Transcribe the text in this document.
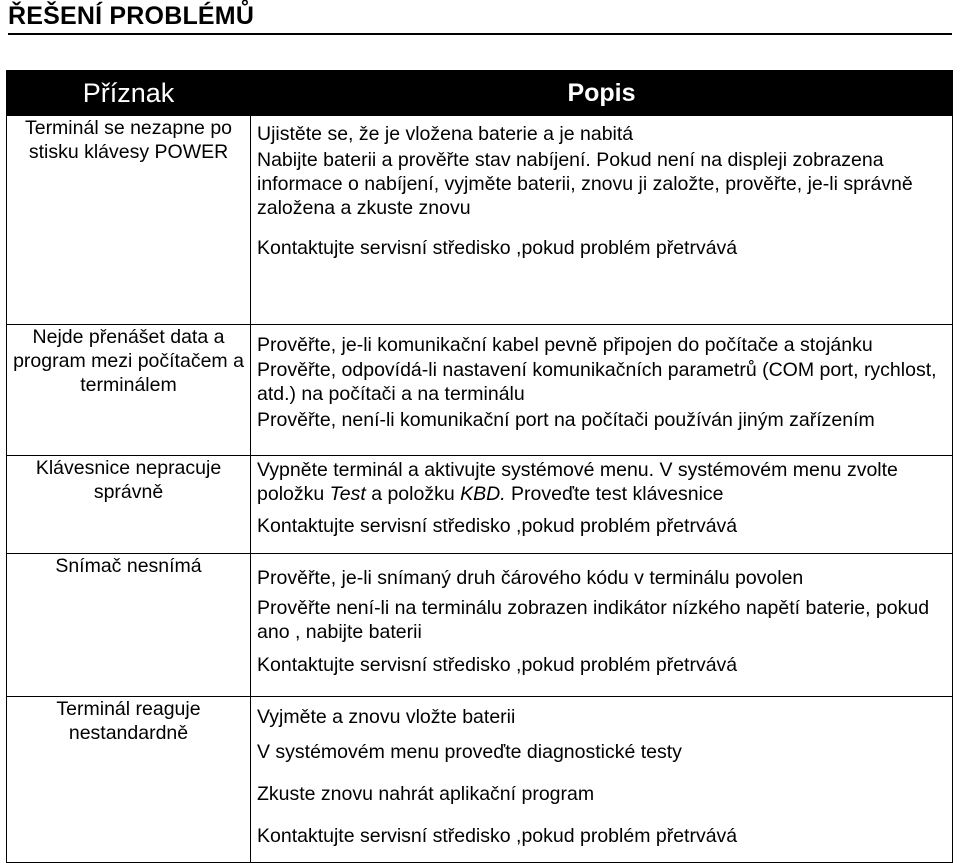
ŘEŠENÍ PROBLÉMŮ
Příznak	Popis
Terminál se nezapne po stisku klávesy POWER	Ujistěte se, že je vložena baterie a je nabitá
Nabijte baterii a prověřte stav nabíjení. Pokud není na displeji zobrazena informace o nabíjení, vyjměte baterii, znovu ji založte, prověřte, je-li správně založena a zkuste znovu
Kontaktujte servisní středisko ,pokud problém přetrvává

Nejde přenášet data a program mezi počítačem a terminálem	Prověřte, je-li komunikační kabel pevně připojen do počítače a stojánku
Prověřte, odpovídá-li nastavení komunikačních parametrů (COM port, rychlost, atd.) na počítači a na terminálu
Prověřte, není-li komunikační port na počítači používán jiným zařízením

Klávesnice nepracuje správně	Vypněte terminál a aktivujte systémové menu. V systémovém menu zvolte položku Test a položku KBD. Proveďte test klávesnice
Kontaktujte servisní středisko ,pokud problém přetrvává

Snímač nesnímá	Prověřte, je-li snímaný druh čárového kódu v terminálu povolen
Prověřte není-li na terminálu zobrazen indikátor nízkého napětí baterie, pokud ano , nabijte baterii
Kontaktujte servisní středisko ,pokud problém přetrvává

Terminál reaguje nestandardně	Vyjměte a znovu vložte baterii
V systémovém menu proveďte diagnostické testy
Zkuste znovu nahrát aplikační program
Kontaktujte servisní středisko ,pokud problém přetrvává
